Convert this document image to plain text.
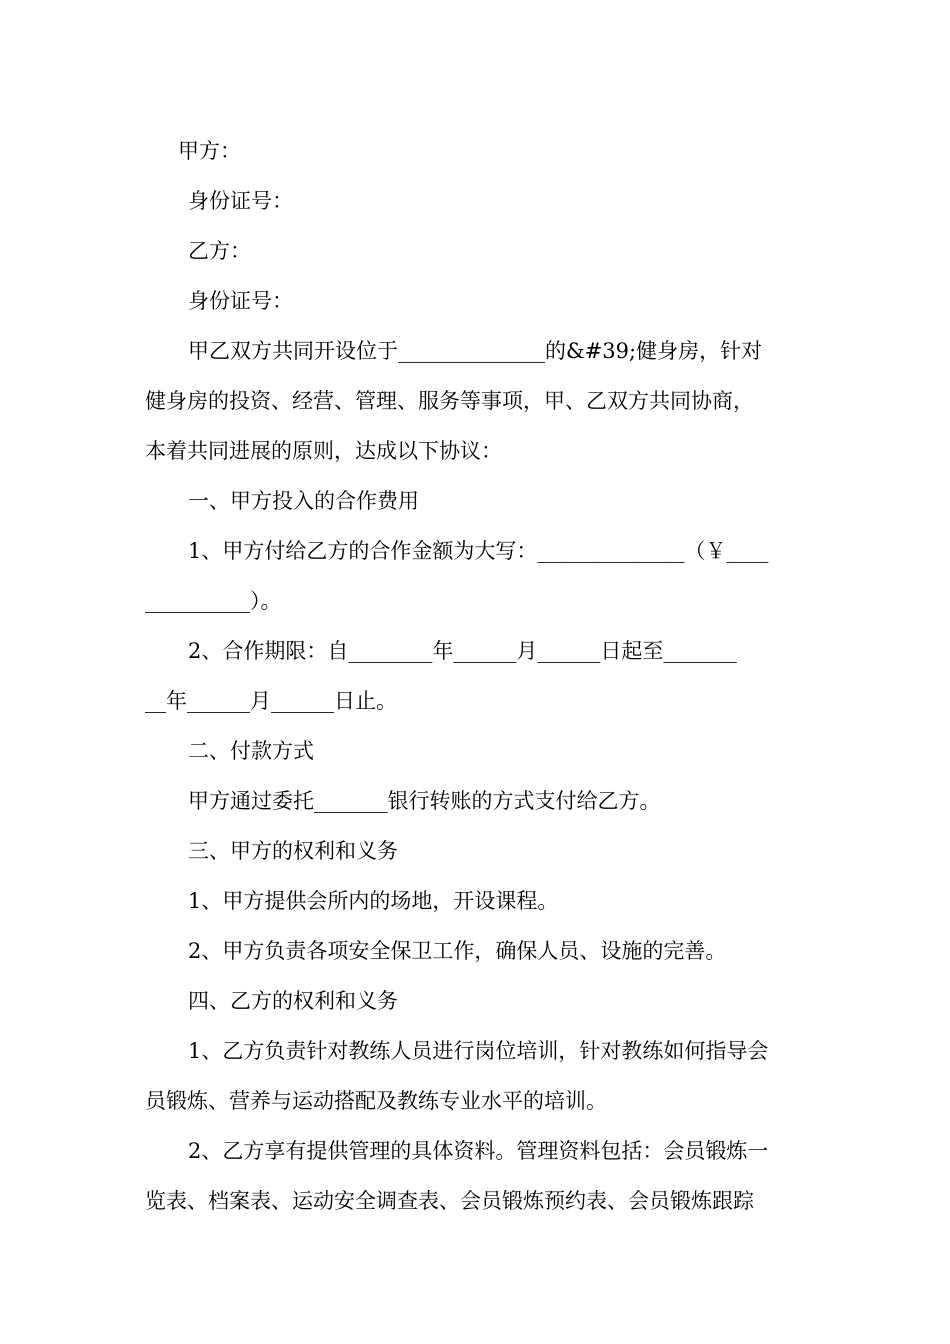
甲方：
身份证号：
乙方：
身份证号：
甲乙双方共同开设位于______________的&#39;健身房，针对
健身房的投资、经营、管理、服务等事项，甲、乙双方共同协商，
本着共同进展的原则，达成以下协议：
一、甲方投入的合作费用
1、甲方付给乙方的合作金额为大写：______________（￥____
__________）。
2、合作期限：自________年______月______日起至_______
__年______月______日止。
二、付款方式
甲方通过委托_______银行转账的方式支付给乙方。
三、甲方的权利和义务
1、甲方提供会所内的场地，开设课程。
2、甲方负责各项安全保卫工作，确保人员、设施的完善。
四、乙方的权利和义务
1、乙方负责针对教练人员进行岗位培训，针对教练如何指导会
员锻炼、营养与运动搭配及教练专业水平的培训。
2、乙方享有提供管理的具体资料。管理资料包括：会员锻炼一
览表、档案表、运动安全调查表、会员锻炼预约表、会员锻炼跟踪
